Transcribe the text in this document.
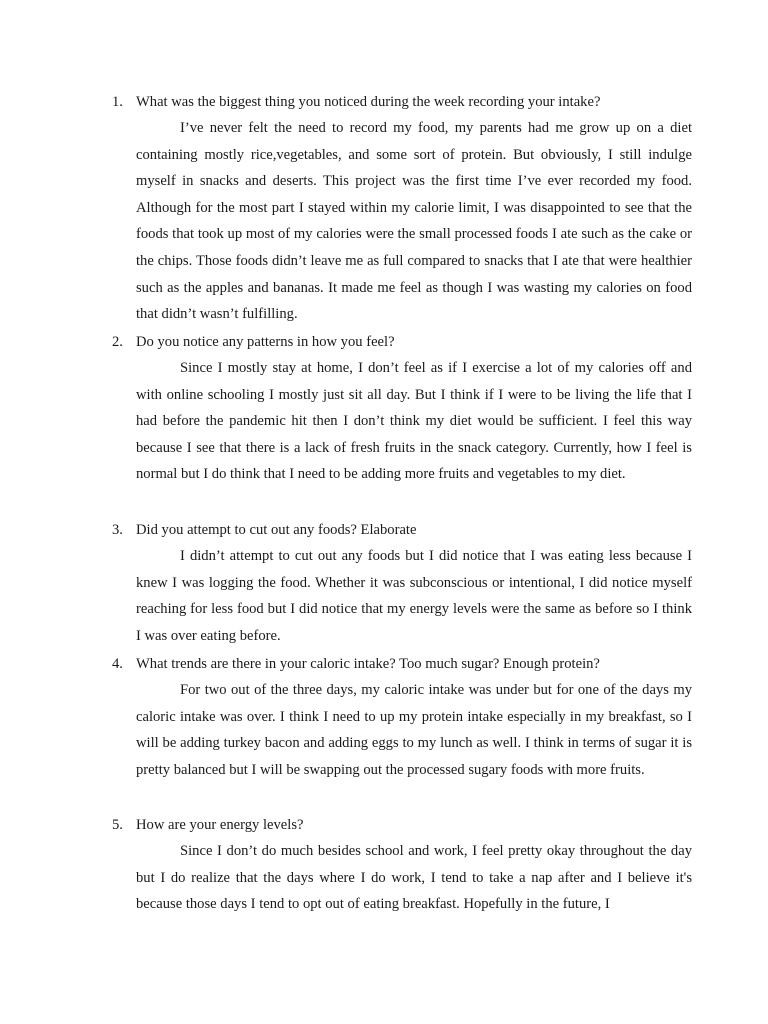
1. What was the biggest thing you noticed during the week recording your intake?

I’ve never felt the need to record my food, my parents had me grow up on a diet containing mostly rice,vegetables, and some sort of protein. But obviously, I still indulge myself in snacks and deserts. This project was the first time I’ve ever recorded my food. Although for the most part I stayed within my calorie limit, I was disappointed to see that the foods that took up most of my calories were the small processed foods I ate such as the cake or the chips. Those foods didn’t leave me as full compared to snacks that I ate that were healthier such as the apples and bananas. It made me feel as though I was wasting my calories on food that didn’t wasn’t fulfilling.

2. Do you notice any patterns in how you feel?

Since I mostly stay at home, I don’t feel as if I exercise a lot of my calories off and with online schooling I mostly just sit all day. But I think if I were to be living the life that I had before the pandemic hit then I don’t think my diet would be sufficient. I feel this way because I see that there is a lack of fresh fruits in the snack category. Currently, how I feel is normal but I do think that I need to be adding more fruits and vegetables to my diet.

3. Did you attempt to cut out any foods? Elaborate

I didn’t attempt to cut out any foods but I did notice that I was eating less because I knew I was logging the food. Whether it was subconscious or intentional, I did notice myself reaching for less food but I did notice that my energy levels were the same as before so I think I was over eating before.

4. What trends are there in your caloric intake? Too much sugar? Enough protein?

For two out of the three days, my caloric intake was under but for one of the days my caloric intake was over. I think I need to up my protein intake especially in my breakfast, so I will be adding turkey bacon and adding eggs to my lunch as well. I think in terms of sugar it is pretty balanced but I will be swapping out the processed sugary foods with more fruits.

5. How are your energy levels?

Since I don’t do much besides school and work, I feel pretty okay throughout the day but I do realize that the days where I do work, I tend to take a nap after and I believe it's because those days I tend to opt out of eating breakfast. Hopefully in the future, I
